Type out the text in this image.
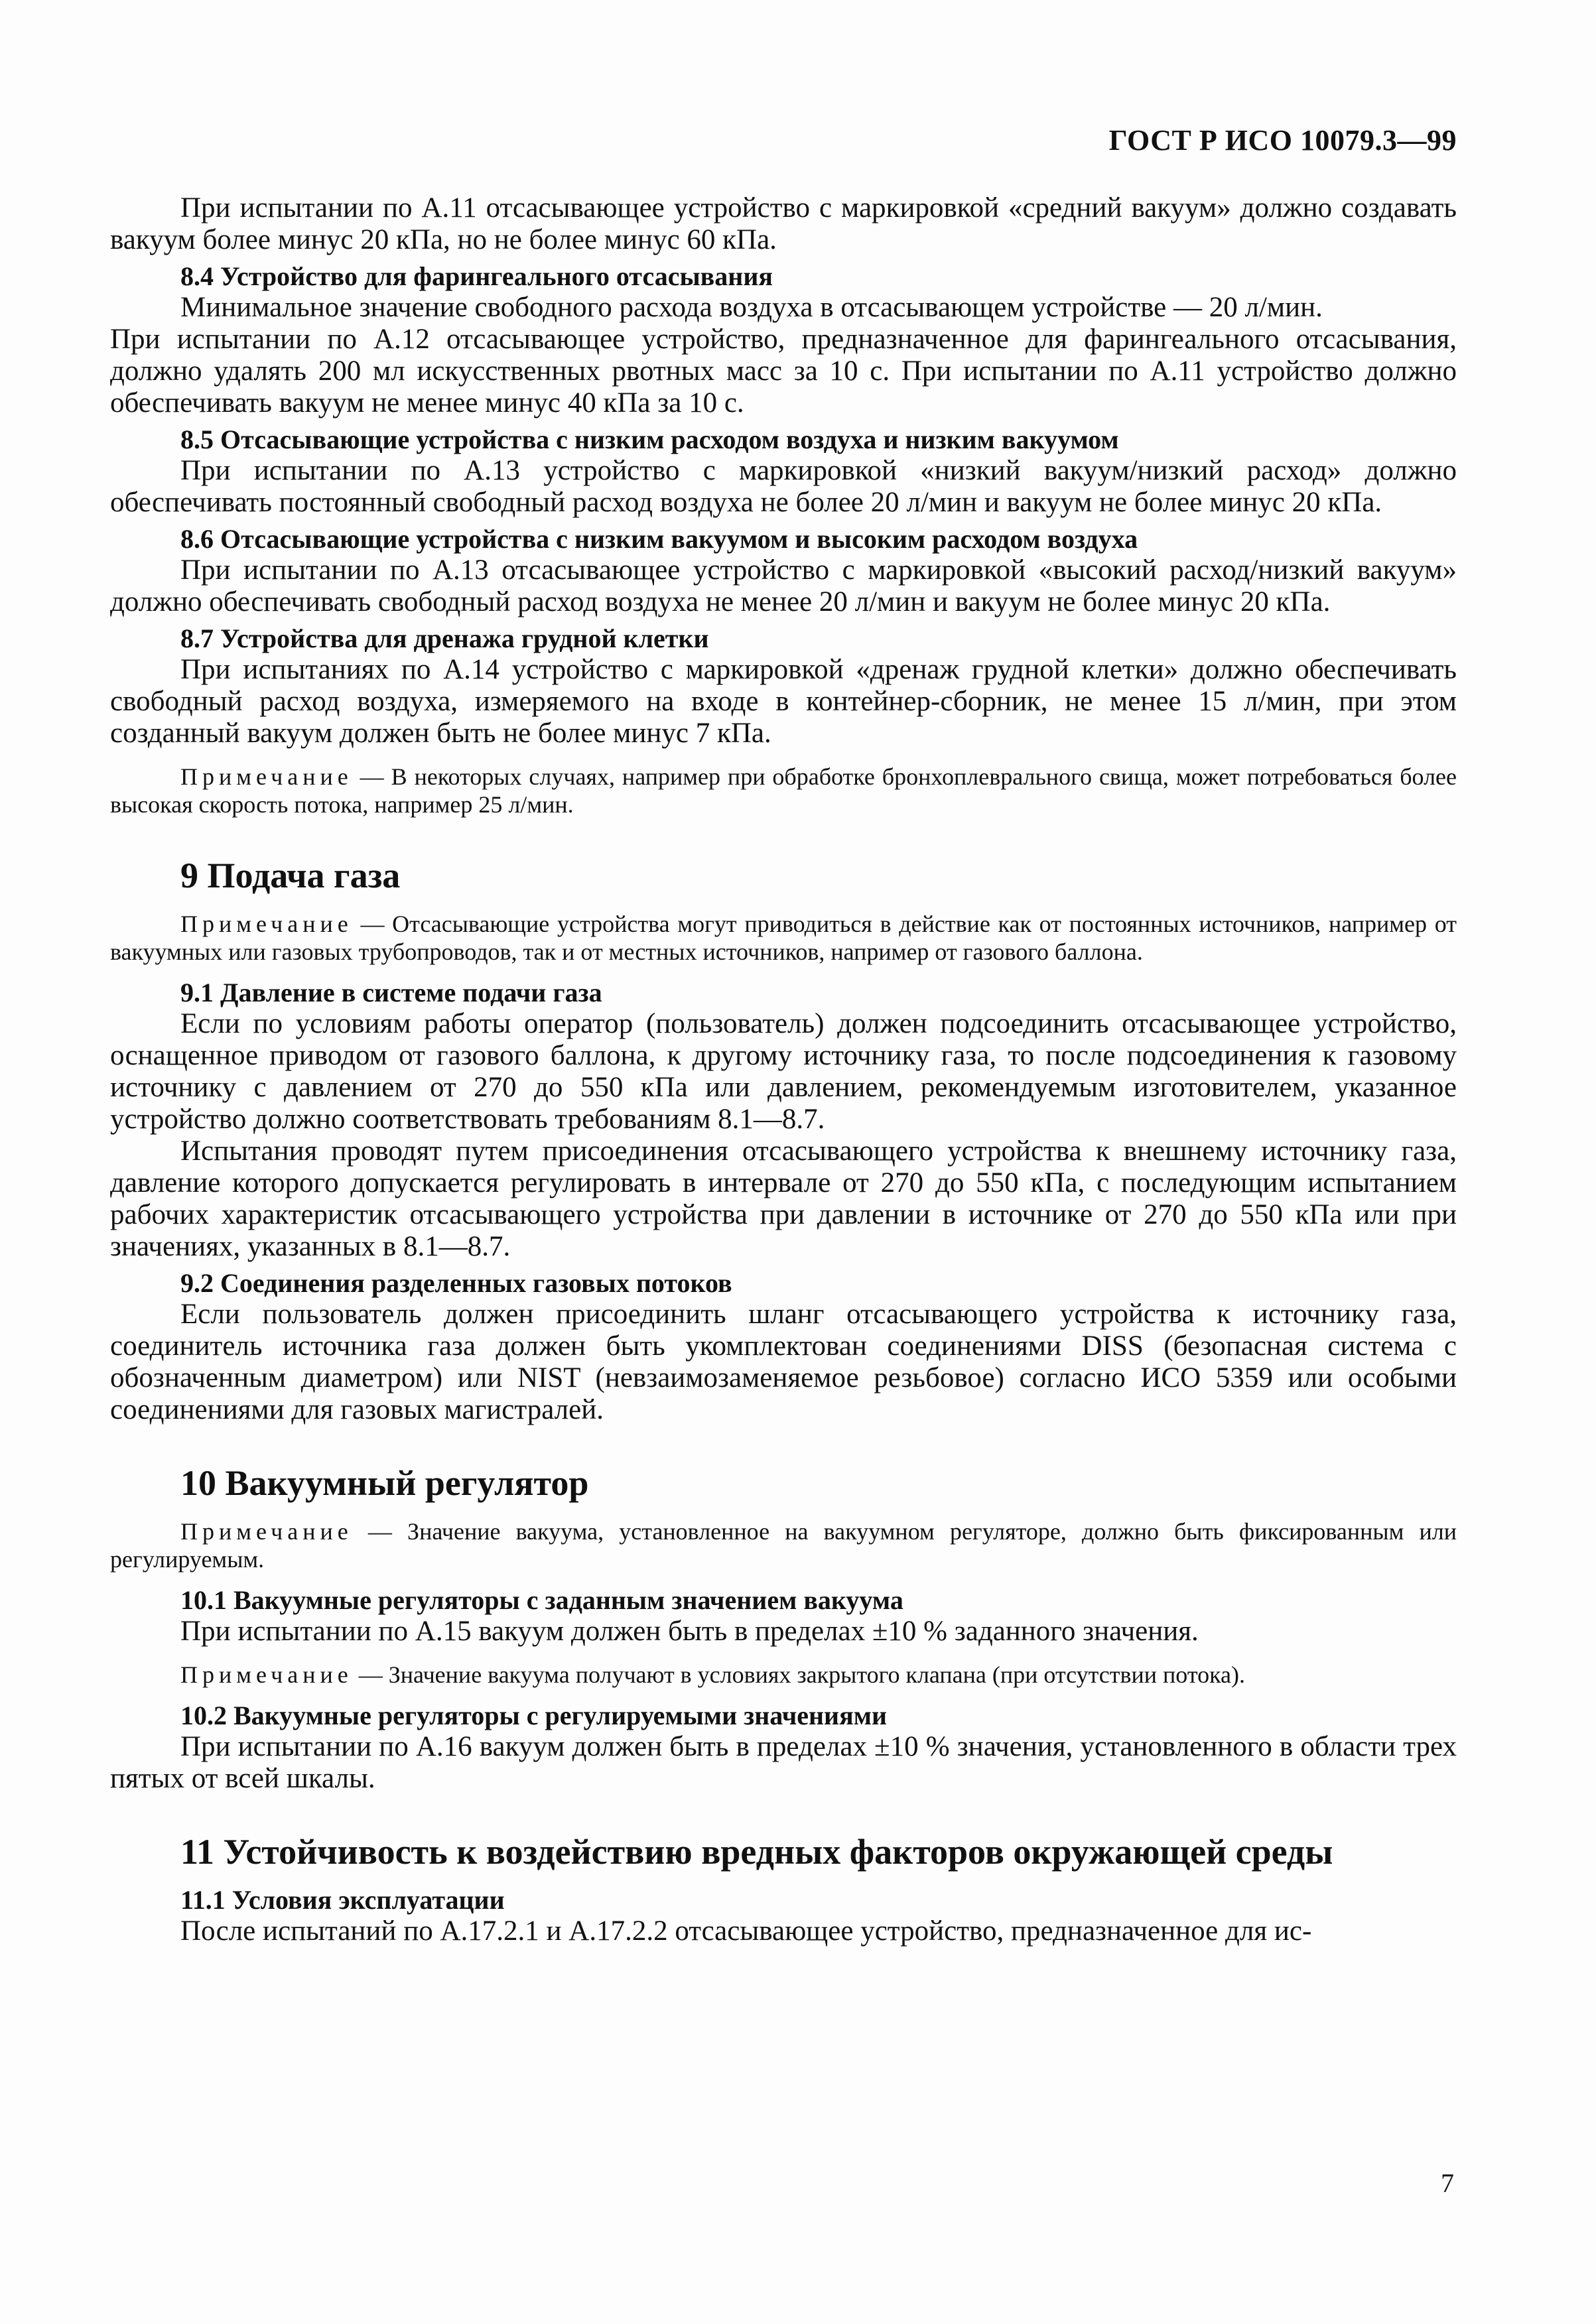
ГОСТ Р ИСО 10079.3—99

При испытании по А.11 отсасывающее устройство с маркировкой «средний вакуум» должно создавать вакуум более минус 20 кПа, но не более минус 60 кПа.

8.4 Устройство для фарингеального отсасывания

Минимальное значение свободного расхода воздуха в отсасывающем устройстве — 20 л/мин.

При испытании по А.12 отсасывающее устройство, предназначенное для фарингеального отсасывания, должно удалять 200 мл искусственных рвотных масс за 10 с. При испытании по А.11 устройство должно обеспечивать вакуум не менее минус 40 кПа за 10 с.

8.5 Отсасывающие устройства с низким расходом воздуха и низким вакуумом

При испытании по А.13 устройство с маркировкой «низкий вакуум/низкий расход» должно обеспечивать постоянный свободный расход воздуха не более 20 л/мин и вакуум не более минус 20 кПа.

8.6 Отсасывающие устройства с низким вакуумом и высоким расходом воздуха

При испытании по А.13 отсасывающее устройство с маркировкой «высокий расход/низкий вакуум» должно обеспечивать свободный расход воздуха не менее 20 л/мин и вакуум не более минус 20 кПа.

8.7 Устройства для дренажа грудной клетки

При испытаниях по А.14 устройство с маркировкой «дренаж грудной клетки» должно обеспечивать свободный расход воздуха, измеряемого на входе в контейнер-сборник, не менее 15 л/мин, при этом созданный вакуум должен быть не более минус 7 кПа.

Примечание — В некоторых случаях, например при обработке бронхоплеврального свища, может потребоваться более высокая скорость потока, например 25 л/мин.

9 Подача газа

Примечание — Отсасывающие устройства могут приводиться в действие как от постоянных источников, например от вакуумных или газовых трубопроводов, так и от местных источников, например от газового баллона.

9.1 Давление в системе подачи газа

Если по условиям работы оператор (пользователь) должен подсоединить отсасывающее устройство, оснащенное приводом от газового баллона, к другому источнику газа, то после подсоединения к газовому источнику с давлением от 270 до 550 кПа или давлением, рекомендуемым изготовителем, указанное устройство должно соответствовать требованиям 8.1—8.7.

Испытания проводят путем присоединения отсасывающего устройства к внешнему источнику газа, давление которого допускается регулировать в интервале от 270 до 550 кПа, с последующим испытанием рабочих характеристик отсасывающего устройства при давлении в источнике от 270 до 550 кПа или при значениях, указанных в 8.1—8.7.

9.2 Соединения разделенных газовых потоков

Если пользователь должен присоединить шланг отсасывающего устройства к источнику газа, соединитель источника газа должен быть укомплектован соединениями DISS (безопасная система с обозначенным диаметром) или NIST (невзаимозаменяемое резьбовое) согласно ИСО 5359 или особыми соединениями для газовых магистралей.

10 Вакуумный регулятор

Примечание — Значение вакуума, установленное на вакуумном регуляторе, должно быть фиксированным или регулируемым.

10.1 Вакуумные регуляторы с заданным значением вакуума

При испытании по А.15 вакуум должен быть в пределах ±10 % заданного значения.

Примечание — Значение вакуума получают в условиях закрытого клапана (при отсутствии потока).

10.2 Вакуумные регуляторы с регулируемыми значениями

При испытании по А.16 вакуум должен быть в пределах ±10 % значения, установленного в области трех пятых от всей шкалы.

11 Устойчивость к воздействию вредных факторов окружающей среды

11.1 Условия эксплуатации

После испытаний по А.17.2.1 и А.17.2.2 отсасывающее устройство, предназначенное для ис-

7
